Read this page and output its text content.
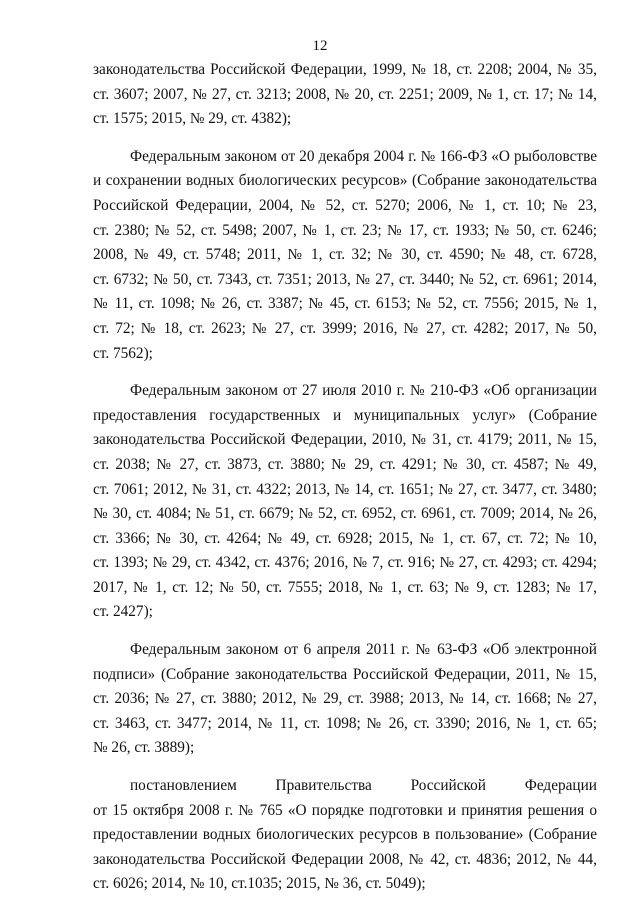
12
законодательства Российской Федерации, 1999, № 18, ст. 2208; 2004, № 35,
ст. 3607; 2007, № 27, ст. 3213; 2008, № 20, ст. 2251; 2009, № 1, ст. 17; № 14,
ст. 1575; 2015, № 29, ст. 4382);
Федеральным законом от 20 декабря 2004 г. № 166-ФЗ «О рыболовстве
и сохранении водных биологических ресурсов» (Собрание законодательства
Российской Федерации, 2004, № 52, ст. 5270; 2006, № 1, ст. 10; № 23,
ст. 2380; № 52, ст. 5498; 2007, № 1, ст. 23; № 17, ст. 1933; № 50, ст. 6246;
2008, № 49, ст. 5748; 2011, № 1, ст. 32; № 30, ст. 4590; № 48, ст. 6728,
ст. 6732; № 50, ст. 7343, ст. 7351; 2013, № 27, ст. 3440; № 52, ст. 6961; 2014,
№ 11, ст. 1098; № 26, ст. 3387; № 45, ст. 6153; № 52, ст. 7556; 2015, № 1,
ст. 72; № 18, ст. 2623; № 27, ст. 3999; 2016, № 27, ст. 4282; 2017, № 50,
ст. 7562);
Федеральным законом от 27 июля 2010 г. № 210-ФЗ «Об организации
предоставления государственных и муниципальных услуг» (Собрание
законодательства Российской Федерации, 2010, № 31, ст. 4179; 2011, № 15,
ст. 2038; № 27, ст. 3873, ст. 3880; № 29, ст. 4291; № 30, ст. 4587; № 49,
ст. 7061; 2012, № 31, ст. 4322; 2013, № 14, ст. 1651; № 27, ст. 3477, ст. 3480;
№ 30, ст. 4084; № 51, ст. 6679; № 52, ст. 6952, ст. 6961, ст. 7009; 2014, № 26,
ст. 3366; № 30, ст. 4264; № 49, ст. 6928; 2015, № 1, ст. 67, ст. 72; № 10,
ст. 1393; № 29, ст. 4342, ст. 4376; 2016, № 7, ст. 916; № 27, ст. 4293; ст. 4294;
2017, № 1, ст. 12; № 50, ст. 7555; 2018, № 1, ст. 63; № 9, ст. 1283; № 17,
ст. 2427);
Федеральным законом от 6 апреля 2011 г. № 63-ФЗ «Об электронной
подписи» (Собрание законодательства Российской Федерации, 2011, № 15,
ст. 2036; № 27, ст. 3880; 2012, № 29, ст. 3988; 2013, № 14, ст. 1668; № 27,
ст. 3463, ст. 3477; 2014, № 11, ст. 1098; № 26, ст. 3390; 2016, № 1, ст. 65;
№ 26, ст. 3889);
постановлением Правительства Российской Федерации
от 15 октября 2008 г. № 765 «О порядке подготовки и принятия решения о
предоставлении водных биологических ресурсов в пользование» (Собрание
законодательства Российской Федерации 2008, № 42, ст. 4836; 2012, № 44,
ст. 6026; 2014, № 10, ст.1035; 2015, № 36, ст. 5049);
